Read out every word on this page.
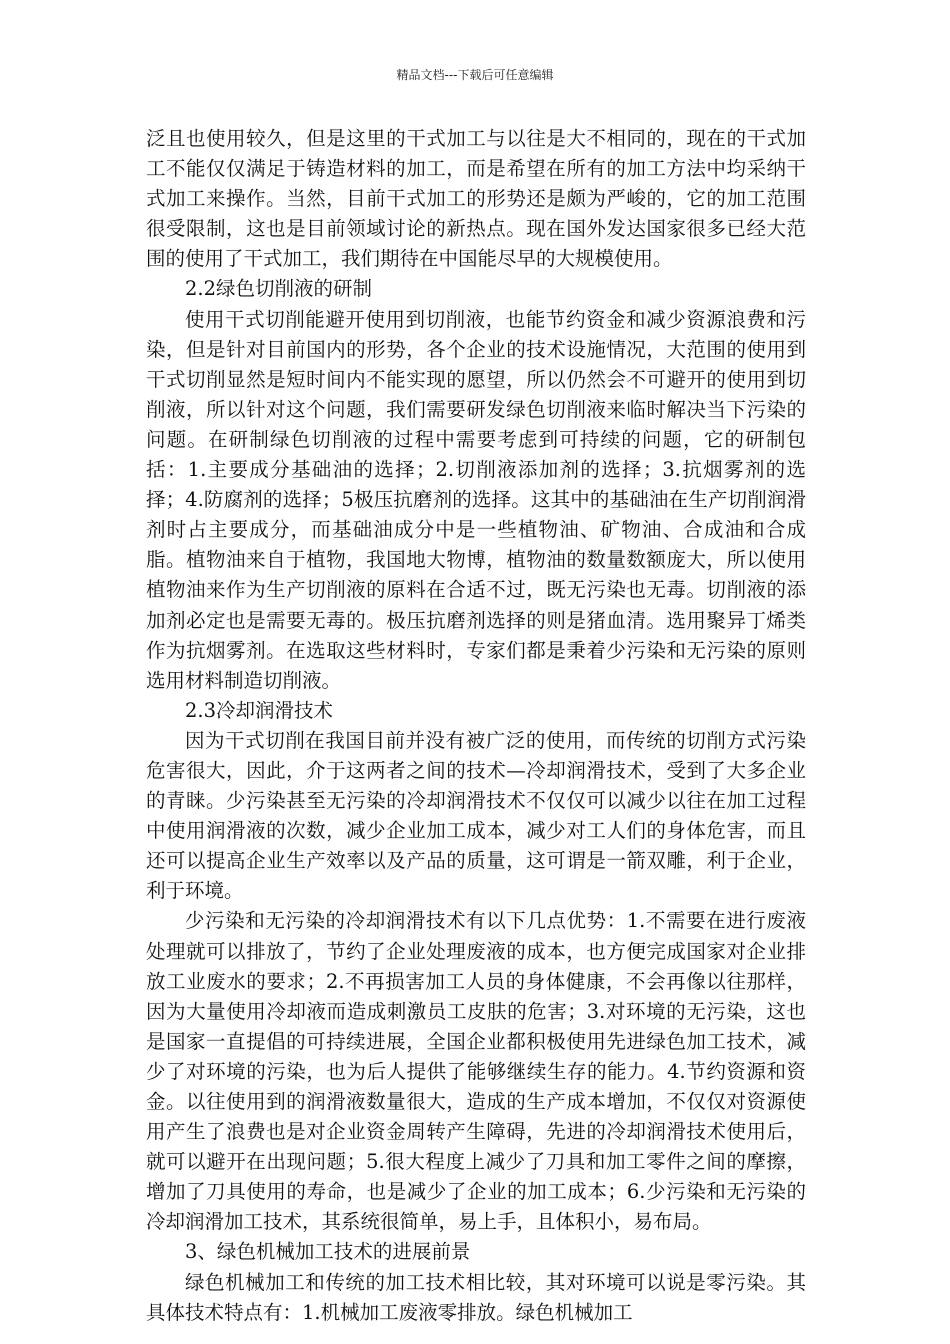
精品文档---下载后可任意编辑

泛且也使用较久，但是这里的干式加工与以往是大不相同的，现在的干式加工不能仅仅满足于铸造材料的加工，而是希望在所有的加工方法中均采纳干式加工来操作。当然，目前干式加工的形势还是颇为严峻的，它的加工范围很受限制，这也是目前领域讨论的新热点。现在国外发达国家很多已经大范围的使用了干式加工，我们期待在中国能尽早的大规模使用。

2.2绿色切削液的研制

使用干式切削能避开使用到切削液，也能节约资金和减少资源浪费和污染，但是针对目前国内的形势，各个企业的技术设施情况，大范围的使用到干式切削显然是短时间内不能实现的愿望，所以仍然会不可避开的使用到切削液，所以针对这个问题，我们需要研发绿色切削液来临时解决当下污染的问题。在研制绿色切削液的过程中需要考虑到可持续的问题，它的研制包括：1.主要成分基础油的选择；2.切削液添加剂的选择；3.抗烟雾剂的选择；4.防腐剂的选择；5极压抗磨剂的选择。这其中的基础油在生产切削润滑剂时占主要成分，而基础油成分中是一些植物油、矿物油、合成油和合成脂。植物油来自于植物，我国地大物博，植物油的数量数额庞大，所以使用植物油来作为生产切削液的原料在合适不过，既无污染也无毒。切削液的添加剂必定也是需要无毒的。极压抗磨剂选择的则是猪血清。选用聚异丁烯类作为抗烟雾剂。在选取这些材料时，专家们都是秉着少污染和无污染的原则选用材料制造切削液。

2.3冷却润滑技术

因为干式切削在我国目前并没有被广泛的使用，而传统的切削方式污染危害很大，因此，介于这两者之间的技术—冷却润滑技术，受到了大多企业的青睐。少污染甚至无污染的冷却润滑技术不仅仅可以减少以往在加工过程中使用润滑液的次数，减少企业加工成本，减少对工人们的身体危害，而且还可以提高企业生产效率以及产品的质量，这可谓是一箭双雕，利于企业，利于环境。

少污染和无污染的冷却润滑技术有以下几点优势：1.不需要在进行废液处理就可以排放了，节约了企业处理废液的成本，也方便完成国家对企业排放工业废水的要求；2.不再损害加工人员的身体健康，不会再像以往那样，因为大量使用冷却液而造成刺激员工皮肤的危害；3.对环境的无污染，这也是国家一直提倡的可持续进展，全国企业都积极使用先进绿色加工技术，减少了对环境的污染，也为后人提供了能够继续生存的能力。4.节约资源和资金。以往使用到的润滑液数量很大，造成的生产成本增加，不仅仅对资源使用产生了浪费也是对企业资金周转产生障碍，先进的冷却润滑技术使用后，就可以避开在出现问题；5.很大程度上减少了刀具和加工零件之间的摩擦，增加了刀具使用的寿命，也是减少了企业的加工成本；6.少污染和无污染的冷却润滑加工技术，其系统很简单，易上手，且体积小，易布局。

3、绿色机械加工技术的进展前景

绿色机械加工和传统的加工技术相比较，其对环境可以说是零污染。其具体技术特点有：1.机械加工废液零排放。绿色机械加工
